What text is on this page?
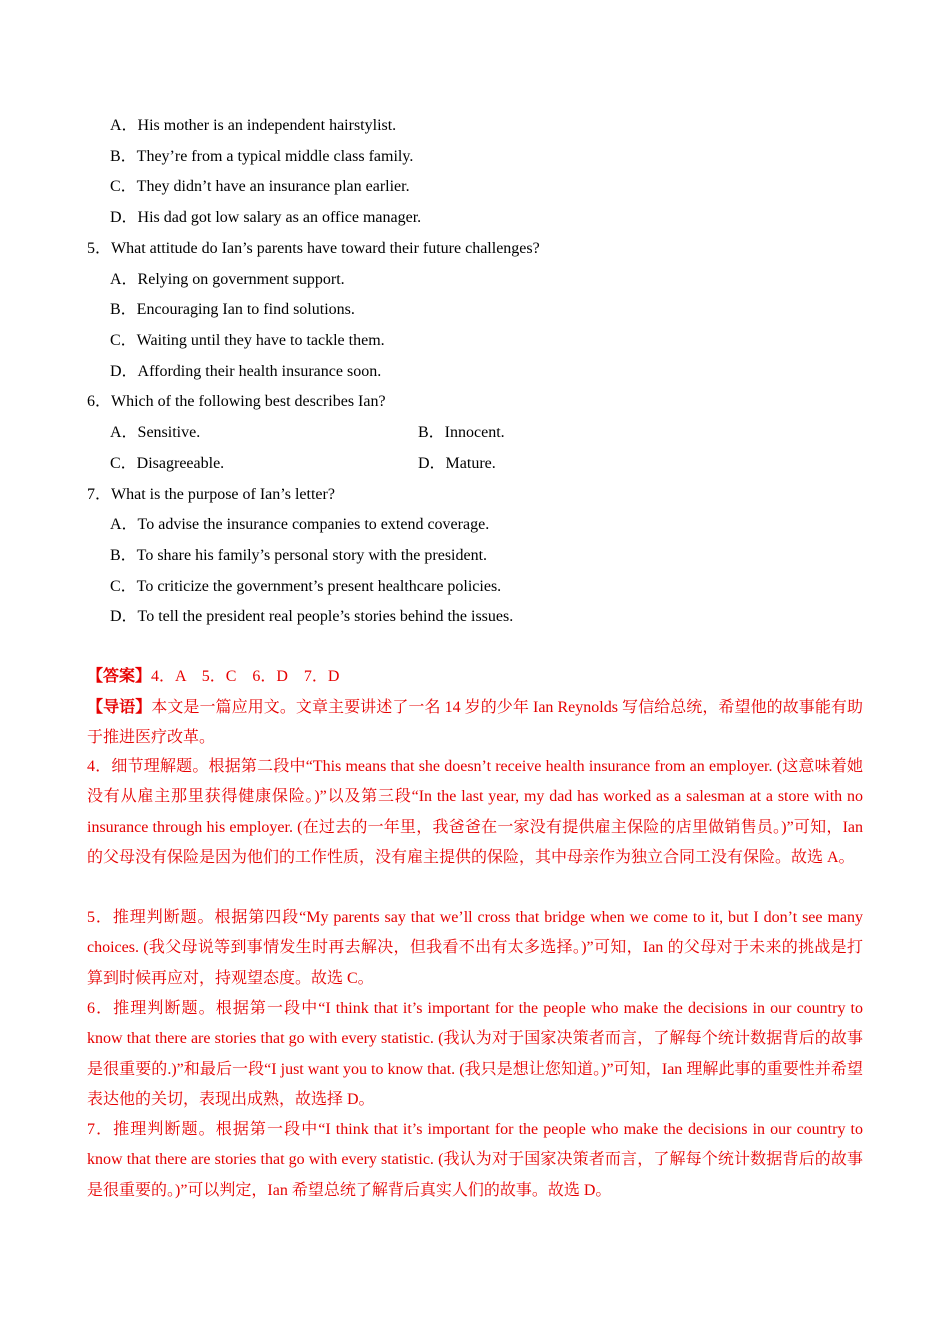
A．His mother is an independent hairstylist.
B．They’re from a typical middle class family.
C．They didn’t have an insurance plan earlier.
D．His dad got low salary as an office manager.
5．What attitude do Ian’s parents have toward their future challenges?
A．Relying on government support.
B．Encouraging Ian to find solutions.
C．Waiting until they have to tackle them.
D．Affording their health insurance soon.
6．Which of the following best describes Ian?
A．Sensitive.	B．Innocent.
C．Disagreeable.	D．Mature.
7．What is the purpose of Ian’s letter?
A．To advise the insurance companies to extend coverage.
B．To share his family’s personal story with the president.
C．To criticize the government’s present healthcare policies.
D．To tell the president real people’s stories behind the issues.
【答案】4．A　5．C　6．D　7．D
【导语】本文是一篇应用文。文章主要讲述了一名 14 岁的少年 Ian Reynolds 写信给总统，希望他的故事能有助于推进医疗改革。
4．细节理解题。根据第二段中“This means that she doesn’t receive health insurance from an employer. (这意味着她没有从雇主那里获得健康保险。)”以及第三段“In the last year, my dad has worked as a salesman at a store with no insurance through his employer. (在过去的一年里，我爸爸在一家没有提供雇主保险的店里做销售员。)”可知，Ian 的父母没有保险是因为他们的工作性质，没有雇主提供的保险，其中母亲作为独立合同工没有保险。故选 A。
5．推理判断题。根据第四段“My parents say that we’ll cross that bridge when we come to it, but I don’t see many choices. (我父母说等到事情发生时再去解决，但我看不出有太多选择。)”可知，Ian 的父母对于未来的挑战是打算到时候再应对，持观望态度。故选 C。
6．推理判断题。根据第一段中“I think that it’s important for the people who make the decisions in our country to know that there are stories that go with every statistic. (我认为对于国家决策者而言，了解每个统计数据背后的故事是很重要的.)”和最后一段“I just want you to know that. (我只是想让您知道。)”可知，Ian 理解此事的重要性并希望表达他的关切，表现出成熟，故选择 D。
7．推理判断题。根据第一段中“I think that it’s important for the people who make the decisions in our country to know that there are stories that go with every statistic. (我认为对于国家决策者而言，了解每个统计数据背后的故事是很重要的。)”可以判定，Ian 希望总统了解背后真实人们的故事。故选 D。
